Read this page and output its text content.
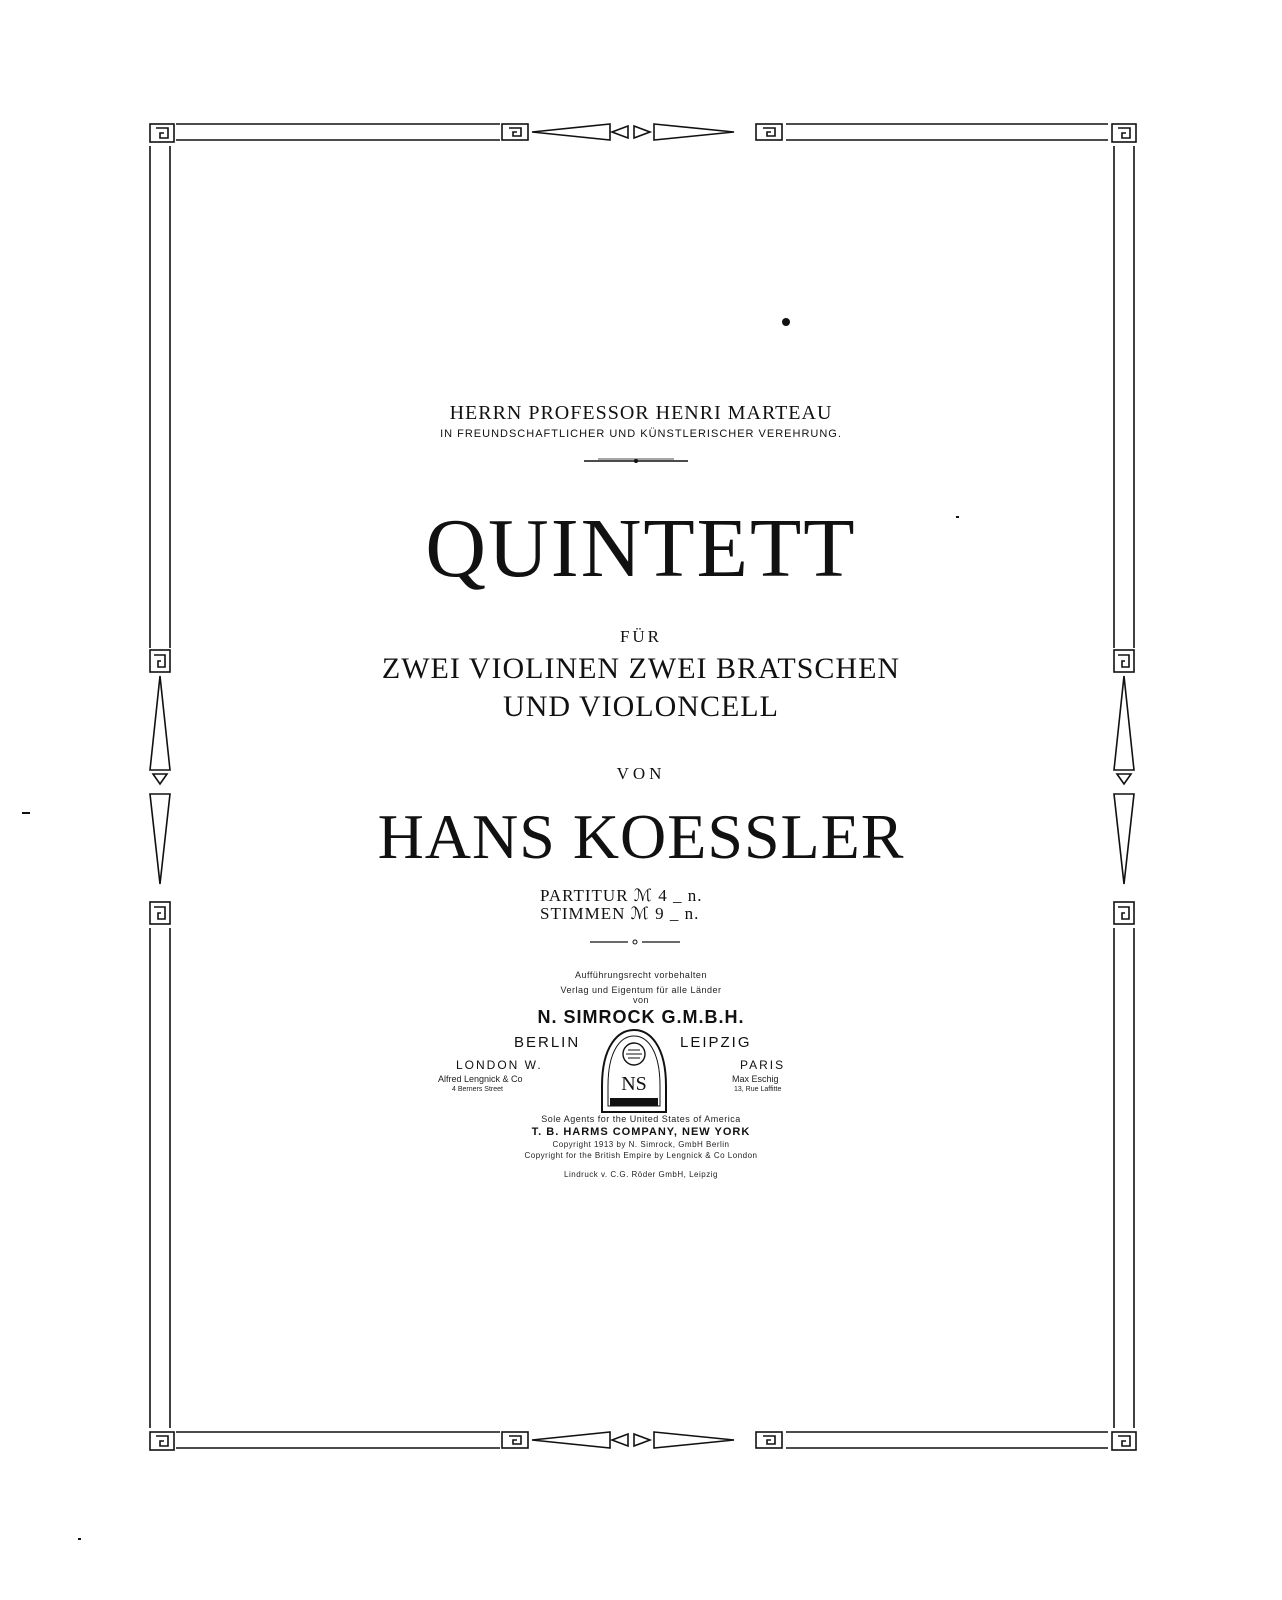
HERRN PROFESSOR HENRI MARTEAU
IN FREUNDSCHAFTLICHER UND KÜNSTLERISCHER VEREHRUNG.
QUINTETT
FÜR
ZWEI VIOLINEN ZWEI BRATSCHEN
UND VIOLONCELL
VON
HANS KOESSLER
PARTITUR ℳ 4 _ n.
STIMMEN ℳ 9 _ n.
Aufführungsrecht vorbehalten
Verlag und Eigentum für alle Länder
von
N. SIMROCK G.M.B.H.
BERLIN	LEIPZIG
LONDON W.
Alfred Lengnick & Co
4 Berners Street
PARIS
Max Eschig
13, Rue Laffitte
NS
Sole Agents for the United States of America
T. B. HARMS COMPANY, NEW YORK
Copyright 1913 by N. Simrock, GmbH Berlin
Copyright for the British Empire by Lengnick & Co London
Lindruck v. C.G. Röder GmbH, Leipzig
